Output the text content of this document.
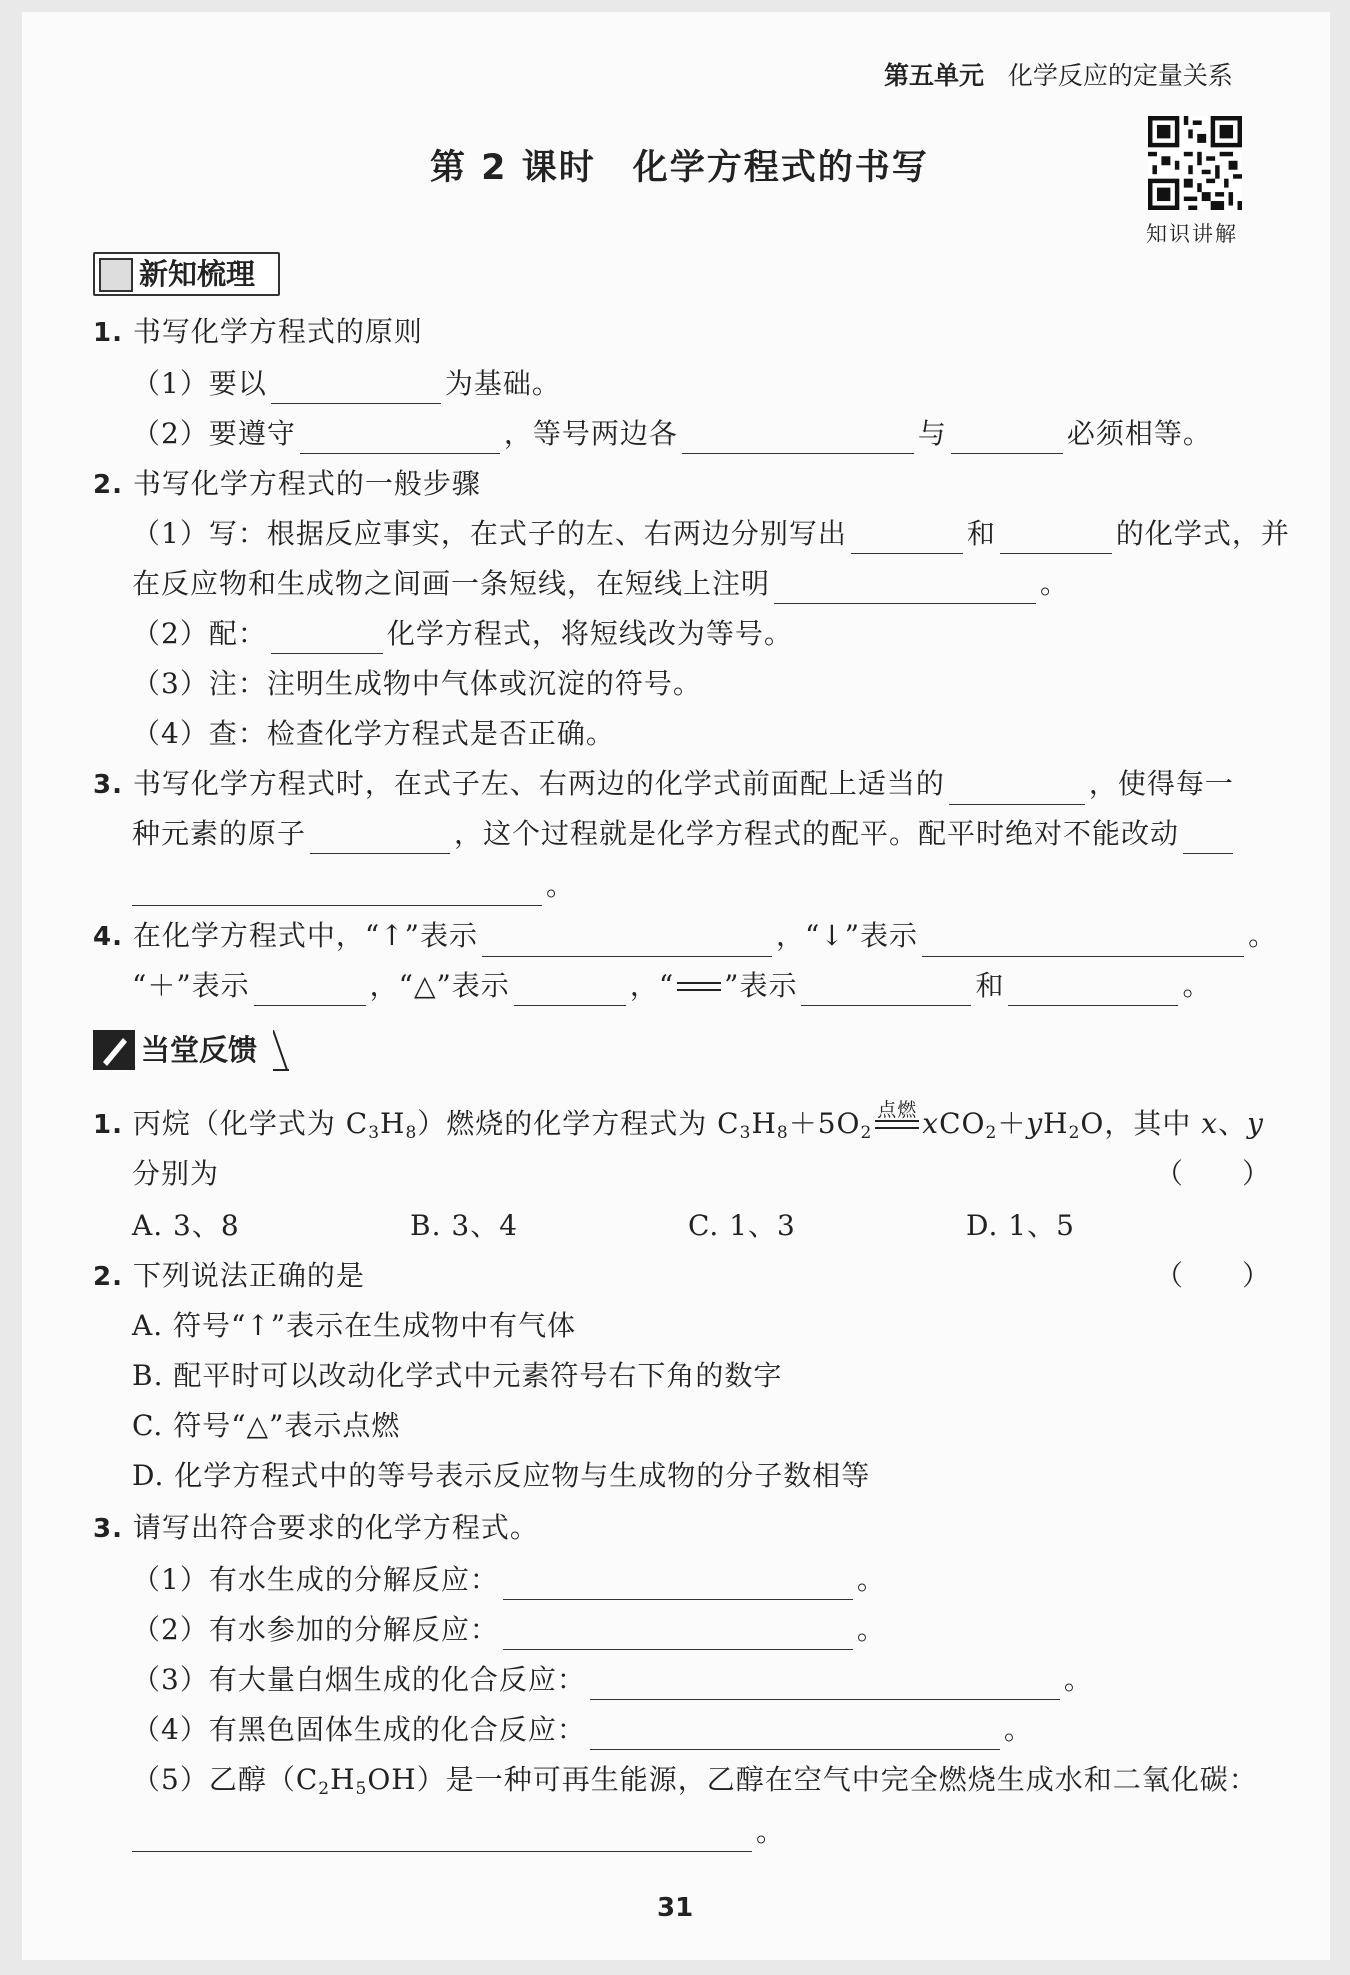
第五单元 化学反应的定量关系
知识讲解
第 2 课时　化学方程式的书写
新知梳理
1. 书写化学方程式的原则
（1）要以	为基础。
（2）要遵守	，等号两边各	与	必须相等。
2. 书写化学方程式的一般步骤
（1）写：根据反应事实，在式子的左、右两边分别写出	和	的化学式，并
在反应物和生成物之间画一条短线，在短线上注明	。
（2）配：	化学方程式，将短线改为等号。
（3）注：注明生成物中气体或沉淀的符号。
（4）查：检查化学方程式是否正确。
3. 书写化学方程式时，在式子左、右两边的化学式前面配上适当的	，使得每一
种元素的原子	，这个过程就是化学方程式的配平。配平时绝对不能改动
。
4. 在化学方程式中，“↑”表示	，“↓”表示	。
“＋”表示	，“△”表示	，“ ”表示	和	。
当堂反馈
1. 丙烷（化学式为 $C_3H_8$）燃烧的化学方程式为 $C_3H_8+5O_2$
点燃 $xCO_2+yH_2O$，其中 x、y
分别为	（　　）
A. 3、8	B. 3、4	C. 1、3	D. 1、5
2. 下列说法正确的是	（　　）
A. 符号“↑”表示在生成物中有气体
B. 配平时可以改动化学式中元素符号右下角的数字
C. 符号“△”表示点燃
D. 化学方程式中的等号表示反应物与生成物的分子数相等
3. 请写出符合要求的化学方程式。
（1）有水生成的分解反应：	。
（2）有水参加的分解反应：	。
（3）有大量白烟生成的化合反应：	。
（4）有黑色固体生成的化合反应：	。
（5）乙醇$(C_2H_5OH)$是一种可再生能源，乙醇在空气中完全燃烧生成水和二氧化碳：
。
31
